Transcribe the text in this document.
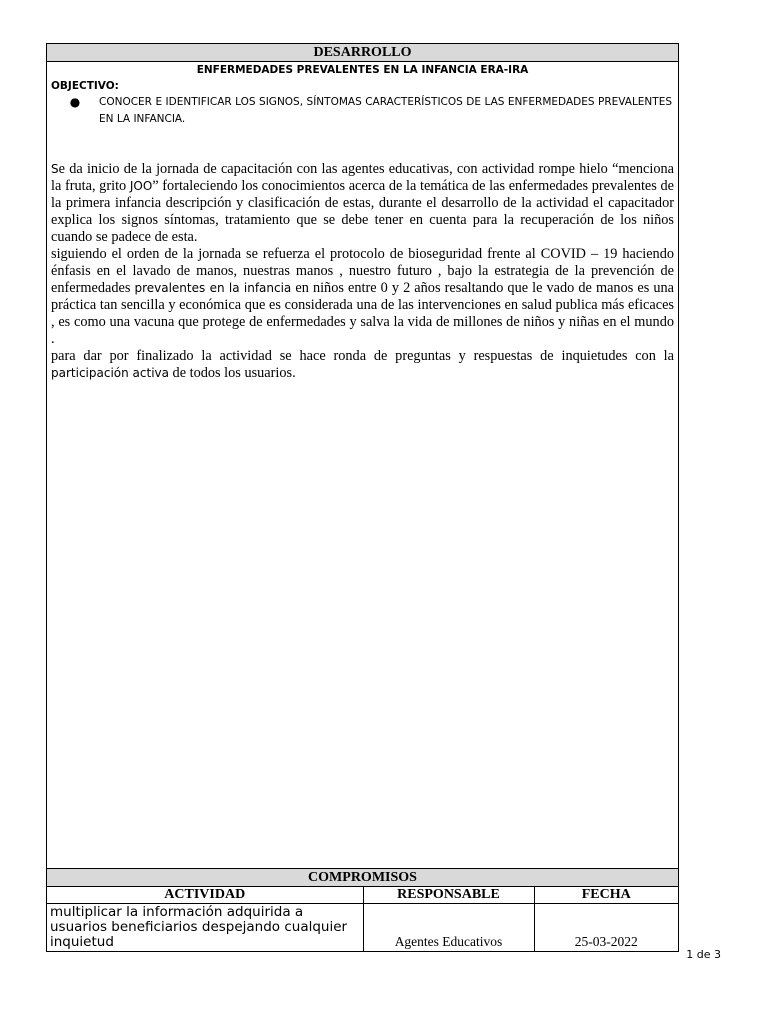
DESARROLLO
ENFERMEDADES PREVALENTES EN LA INFANCIA ERA-IRA
OBJECTIVO:
●	CONOCER E IDENTIFICAR LOS SIGNOS, SÍNTOMAS CARACTERÍSTICOS DE LAS ENFERMEDADES PREVALENTES EN LA INFANCIA.

Se da inicio de la jornada de capacitación con las agentes educativas, con actividad rompe hielo “menciona la fruta, grito JOO” fortaleciendo los conocimientos acerca de la temática de las enfermedades prevalentes de la primera infancia descripción y clasificación de estas, durante el desarrollo de la actividad el capacitador explica los signos síntomas, tratamiento que se debe tener en cuenta para la recuperación de los niños cuando se padece de esta.

siguiendo el orden de la jornada se refuerza el protocolo de bioseguridad frente al COVID – 19 haciendo énfasis en el lavado de manos, nuestras manos , nuestro futuro , bajo la estrategia de la prevención de enfermedades prevalentes en la infancia en niños entre 0 y 2 años resaltando que le vado de manos es una práctica tan sencilla y económica que es considerada una de las intervenciones en salud publica más eficaces , es como una vacuna que protege de enfermedades y salva la vida de millones de niños y niñas en el mundo .

para dar por finalizado la actividad se hace ronda de preguntas y respuestas de inquietudes con la participación activa de todos los usuarios.

COMPROMISOS
ACTIVIDAD	RESPONSABLE	FECHA
multiplicar la información adquirida a usuarios beneficiarios despejando cualquier inquietud	Agentes Educativos	25-03-2022
1 de 3
